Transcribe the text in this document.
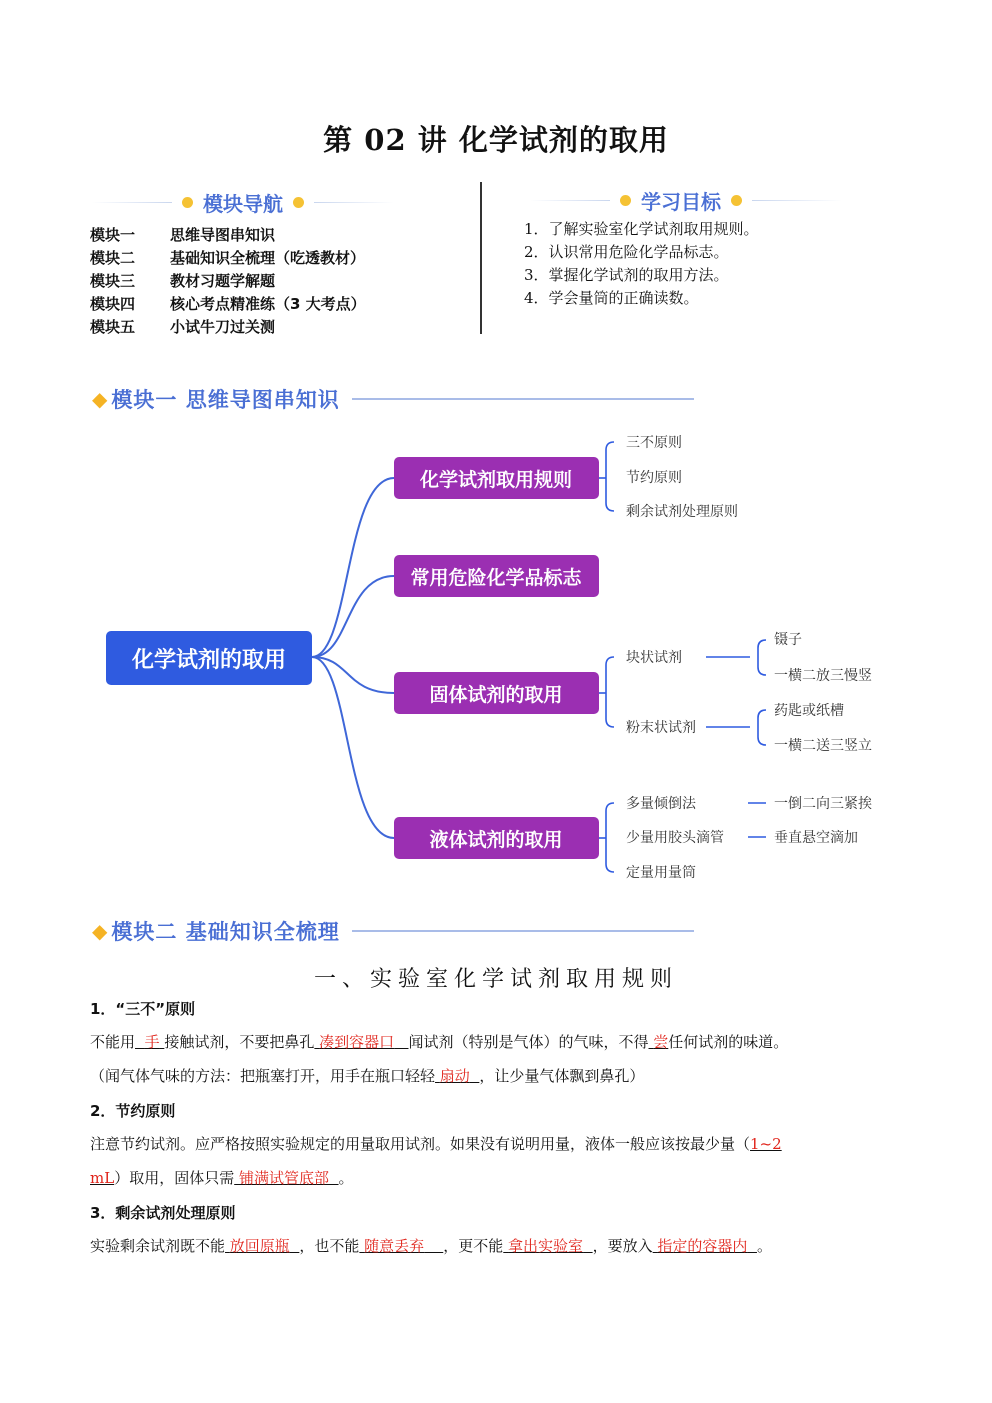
第 02 讲 化学试剂的取用
模块导航
模块一	思维导图串知识
模块二	基础知识全梳理（吃透教材）
模块三	教材习题学解题
模块四	核心考点精准练（3 大考点）
模块五	小试牛刀过关测
学习目标
1．了解实验室化学试剂取用规则。
2．认识常用危险化学品标志。
3．掌握化学试剂的取用方法。
4．学会量筒的正确读数。
◆ 模块一 思维导图串知识
化学试剂的取用
化学试剂取用规则
常用危险化学品标志
固体试剂的取用
液体试剂的取用
三不原则
节约原则
剩余试剂处理原则
块状试剂
粉末状试剂
镊子
一横二放三慢竖
药匙或纸槽
一横二送三竖立
多量倾倒法
少量用胶头滴管
定量用量筒
一倒二向三紧挨
垂直悬空滴加
◆ 模块二 基础知识全梳理
一、实验室化学试剂取用规则
1．“三不”原则
不能用 手 接触试剂，不要把鼻孔 凑到容器口 闻试剂（特别是气体）的气味，不得 尝任何试剂的味道。
（闻气体气味的方法：把瓶塞打开，用手在瓶口轻轻 扇动 ，让少量气体飘到鼻孔）
2．节约原则
注意节约试剂。应严格按照实验规定的用量取用试剂。如果没有说明用量，液体一般应该按最少量（1~2
mL）取用，固体只需 铺满试管底部 。
3．剩余试剂处理原则
实验剩余试剂既不能 放回原瓶 ，也不能 随意丢弃 ，更不能 拿出实验室 ，要放入 指定的容器内 。
